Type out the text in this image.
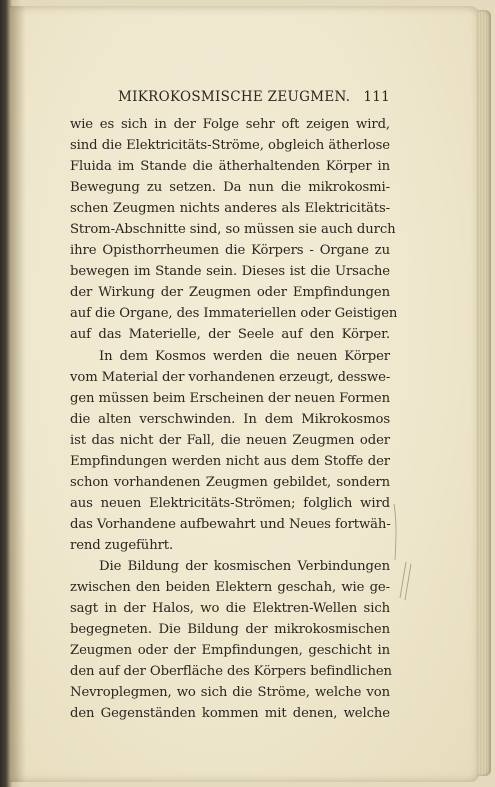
MIKROKOSMISCHE ZEUGMEN. 111
wie es sich in der Folge sehr oft zeigen wird,
sind die Elektricitäts-Ströme, obgleich ätherlose
Fluida im Stande die ätherhaltenden Körper in
Bewegung zu setzen. Da nun die mikrokosmi-
schen Zeugmen nichts anderes als Elektricitäts-
Strom-Abschnitte sind, so müssen sie auch durch
ihre Opisthorrheumen die Körpers - Organe zu
bewegen im Stande sein. Dieses ist die Ursache
der Wirkung der Zeugmen oder Empfindungen
auf die Organe, des Immateriellen oder Geistigen
auf das Materielle, der Seele auf den Körper.
In dem Kosmos werden die neuen Körper
vom Material der vorhandenen erzeugt, desswe-
gen müssen beim Erscheinen der neuen Formen
die alten verschwinden. In dem Mikrokosmos
ist das nicht der Fall, die neuen Zeugmen oder
Empfindungen werden nicht aus dem Stoffe der
schon vorhandenen Zeugmen gebildet, sondern
aus neuen Elektricitäts-Strömen; folglich wird
das Vorhandene aufbewahrt und Neues fortwäh-
rend zugeführt.
Die Bildung der kosmischen Verbindungen
zwischen den beiden Elektern geschah, wie ge-
sagt in der Halos, wo die Elektren-Wellen sich
begegneten. Die Bildung der mikrokosmischen
Zeugmen oder der Empfindungen, geschicht in
den auf der Oberfläche des Körpers befindlichen
Nevroplegmen, wo sich die Ströme, welche von
den Gegenständen kommen mit denen, welche
